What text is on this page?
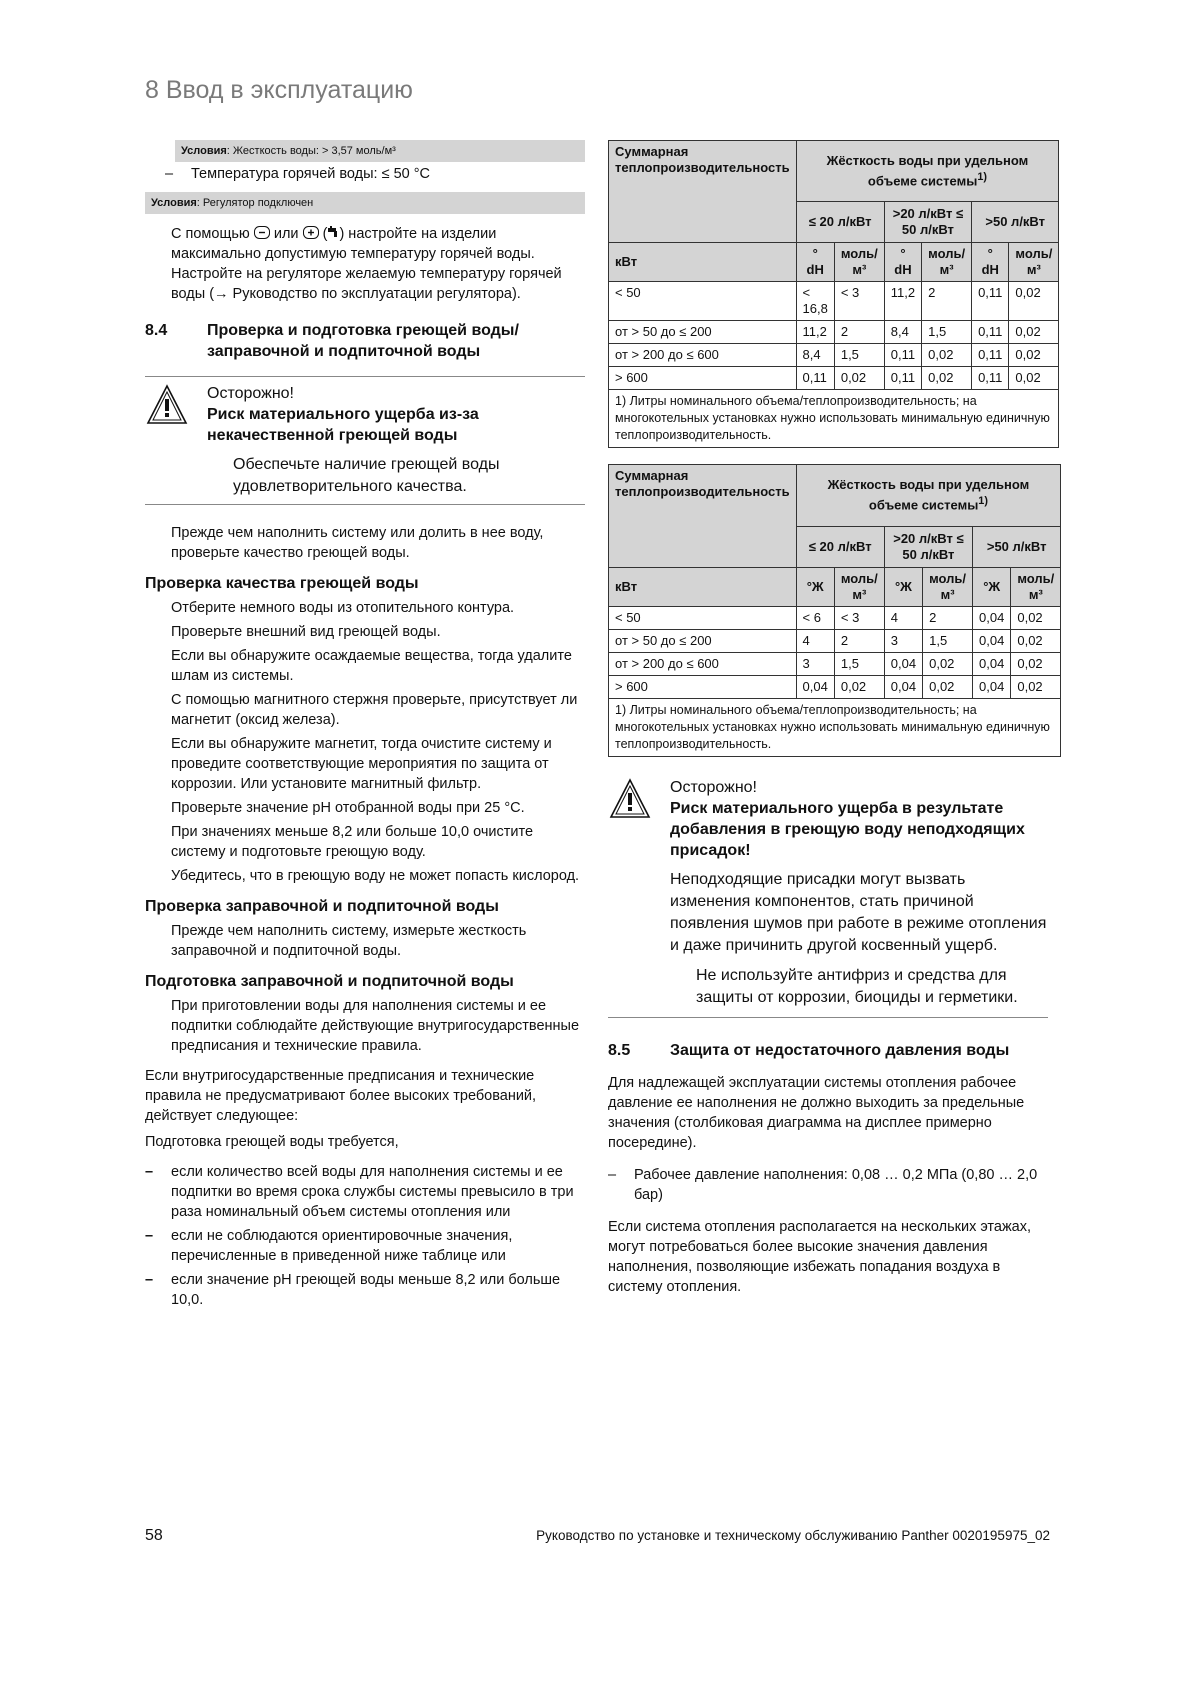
8 Ввод в эксплуатацию
Условия: Жесткость воды: > 3,57 моль/м³
– Температура горячей воды: ≤ 50 °C
Условия: Регулятор подключен

С помощью или ( ) настройте на изделии максимально допустимую температуру горячей воды.

Настройте на регуляторе желаемую температуру горячей воды (→ Руководство по эксплуатации регулятора).

8.4	Проверка и подготовка греющей воды/ заправочной и подпиточной воды
Осторожно!
Риск материального ущерба из-за некачественной греющей воды
Обеспечьте наличие греющей воды удовлетворительного качества.

Прежде чем наполнить систему или долить в нее воду, проверьте качество греющей воды.

Проверка качества греющей воды

Отберите немного воды из отопительного контура.

Проверьте внешний вид греющей воды.

Если вы обнаружите осаждаемые вещества, тогда удалите шлам из системы.

С помощью магнитного стержня проверьте, присутствует ли магнетит (оксид железа).

Если вы обнаружите магнетит, тогда очистите систему и проведите соответствующие мероприятия по защита от коррозии. Или установите магнитный фильтр.

Проверьте значение pH отобранной воды при 25 °C.

При значениях меньше 8,2 или больше 10,0 очистите систему и подготовьте греющую воду.

Убедитесь, что в греющую воду не может попасть кислород.

Проверка заправочной и подпиточной воды

Прежде чем наполнить систему, измерьте жесткость заправочной и подпиточной воды.

Подготовка заправочной и подпиточной воды

При приготовлении воды для наполнения системы и ее подпитки соблюдайте действующие внутригосударственные предписания и технические правила.

Если внутригосударственные предписания и технические правила не предусматривают более высоких требований, действует следующее:

Подготовка греющей воды требуется,

– если количество всей воды для наполнения системы и ее подпитки во время срока службы системы превысило в три раза номинальный объем системы отопления или
– если не соблюдаются ориентировочные значения, перечисленные в приведенной ниже таблице или
– если значение pH греющей воды меньше 8,2 или больше 10,0.
Суммарная теплопроизводительность	Жёсткость воды при удельном объеме системы$^{1)}$
	≤ 20 л/кВт		>20 л/кВт ≤ 50 л/кВт		>50 л/кВт	
кВт	° dH	моль/ м³	° dH	моль/ м³	° dH	моль/ м³
< 50	< 16,8	< 3	11,2	2	0,11	0,02
от > 50 до ≤ 200	11,2	2	8,4	1,5	0,11	0,02
от > 200 до ≤ 600	8,4	1,5	0,11	0,02	0,11	0,02
> 600	0,11	0,02	0,11	0,02	0,11	0,02
1) Литры номинального объема/теплопроизводительность; на многокотельных установках нужно использовать минимальную единичную теплопроизводительность.						
Суммарная теплопроизводительность	Жёсткость воды при удельном объеме системы$^{1)}$
	≤ 20 л/кВт		>20 л/кВт ≤ 50 л/кВт		>50 л/кВт	
кВт	°Ж	моль/ м³	°Ж	моль/ м³	°Ж	моль/ м³
< 50	< 6	< 3	4	2	0,04	0,02
от > 50 до ≤ 200	4	2	3	1,5	0,04	0,02
от > 200 до ≤ 600	3	1,5	0,04	0,02	0,04	0,02
> 600	0,04	0,02	0,04	0,02	0,04	0,02
1) Литры номинального объема/теплопроизводительность; на многокотельных установках нужно использовать минимальную единичную теплопроизводительность.						
Осторожно!
Риск материального ущерба в результате добавления в греющую воду неподходящих присадок!
Неподходящие присадки могут вызвать изменения компонентов, стать причиной появления шумов при работе в режиме отопления и даже причинить другой косвенный ущерб.
Не используйте антифриз и средства для защиты от коррозии, биоциды и герметики.
8.5	Защита от недостаточного давления воды

Для надлежащей эксплуатации системы отопления рабочее давление ее наполнения не должно выходить за предельные значения (столбиковая диаграмма на дисплее примерно посередине).

– Рабочее давление наполнения: 0,08 … 0,2 МПа (0,80 … 2,0 бар)

Если система отопления располагается на нескольких этажах, могут потребоваться более высокие значения давления наполнения, позволяющие избежать попадания воздуха в систему отопления.

58	Руководство по установке и техническому обслуживанию Panther 0020195975_02
